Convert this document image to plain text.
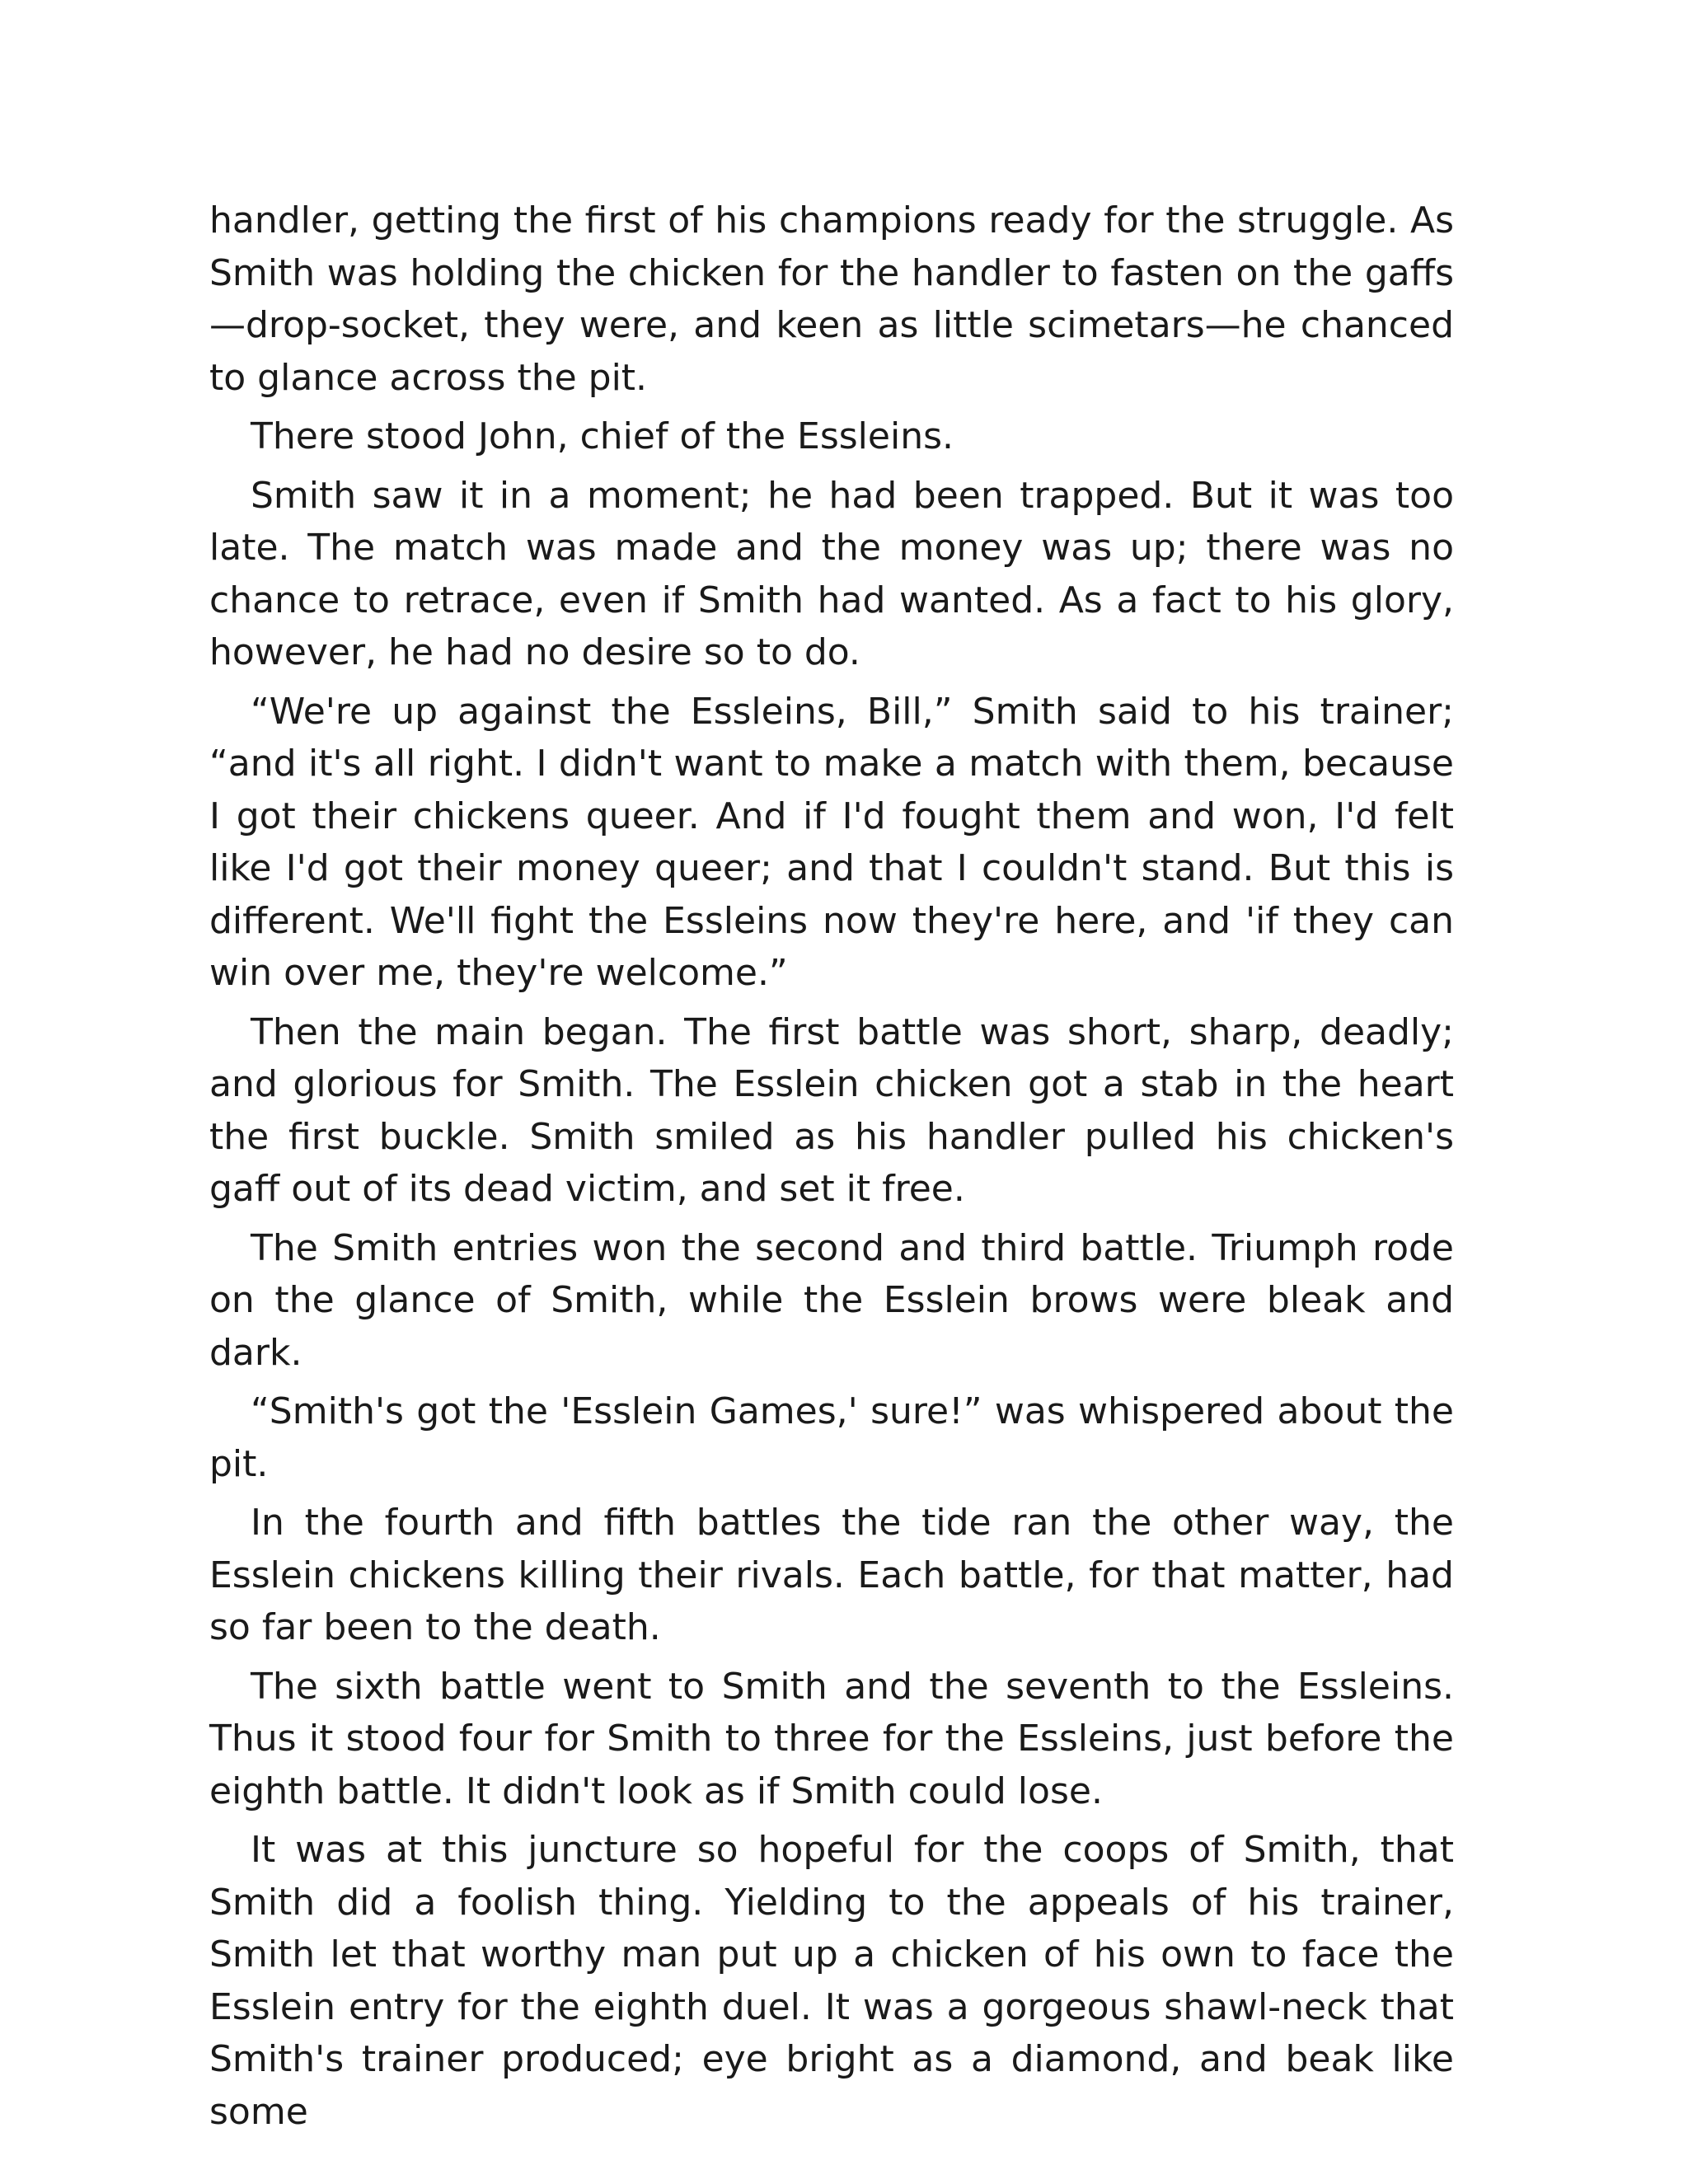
handler, getting the first of his champions ready for the struggle. As Smith was holding the chicken for the handler to fasten on the gaffs —drop-socket, they were, and keen as little scimetars—he chanced to glance across the pit.

There stood John, chief of the Essleins.

Smith saw it in a moment; he had been trapped. But it was too late. The match was made and the money was up; there was no chance to retrace, even if Smith had wanted. As a fact to his glory, however, he had no desire so to do.

“We're up against the Essleins, Bill,” Smith said to his trainer; “and it's all right. I didn't want to make a match with them, because I got their chickens queer. And if I'd fought them and won, I'd felt like I'd got their money queer; and that I couldn't stand. But this is different. We'll fight the Essleins now they're here, and 'if they can win over me, they're welcome.”

Then the main began. The first battle was short, sharp, deadly; and glorious for Smith. The Esslein chicken got a stab in the heart the first buckle. Smith smiled as his handler pulled his chicken's gaff out of its dead victim, and set it free.

The Smith entries won the second and third battle. Triumph rode on the glance of Smith, while the Esslein brows were bleak and dark.

“Smith's got the 'Esslein Games,' sure!” was whispered about the pit.

In the fourth and fifth battles the tide ran the other way, the Esslein chickens killing their rivals. Each battle, for that matter, had so far been to the death.

The sixth battle went to Smith and the seventh to the Essleins. Thus it stood four for Smith to three for the Essleins, just before the eighth battle. It didn't look as if Smith could lose.

It was at this juncture so hopeful for the coops of Smith, that Smith did a foolish thing. Yielding to the appeals of his trainer, Smith let that worthy man put up a chicken of his own to face the Esslein entry for the eighth duel. It was a gorgeous shawl-neck that Smith's trainer produced; eye bright as a diamond, and beak like some
